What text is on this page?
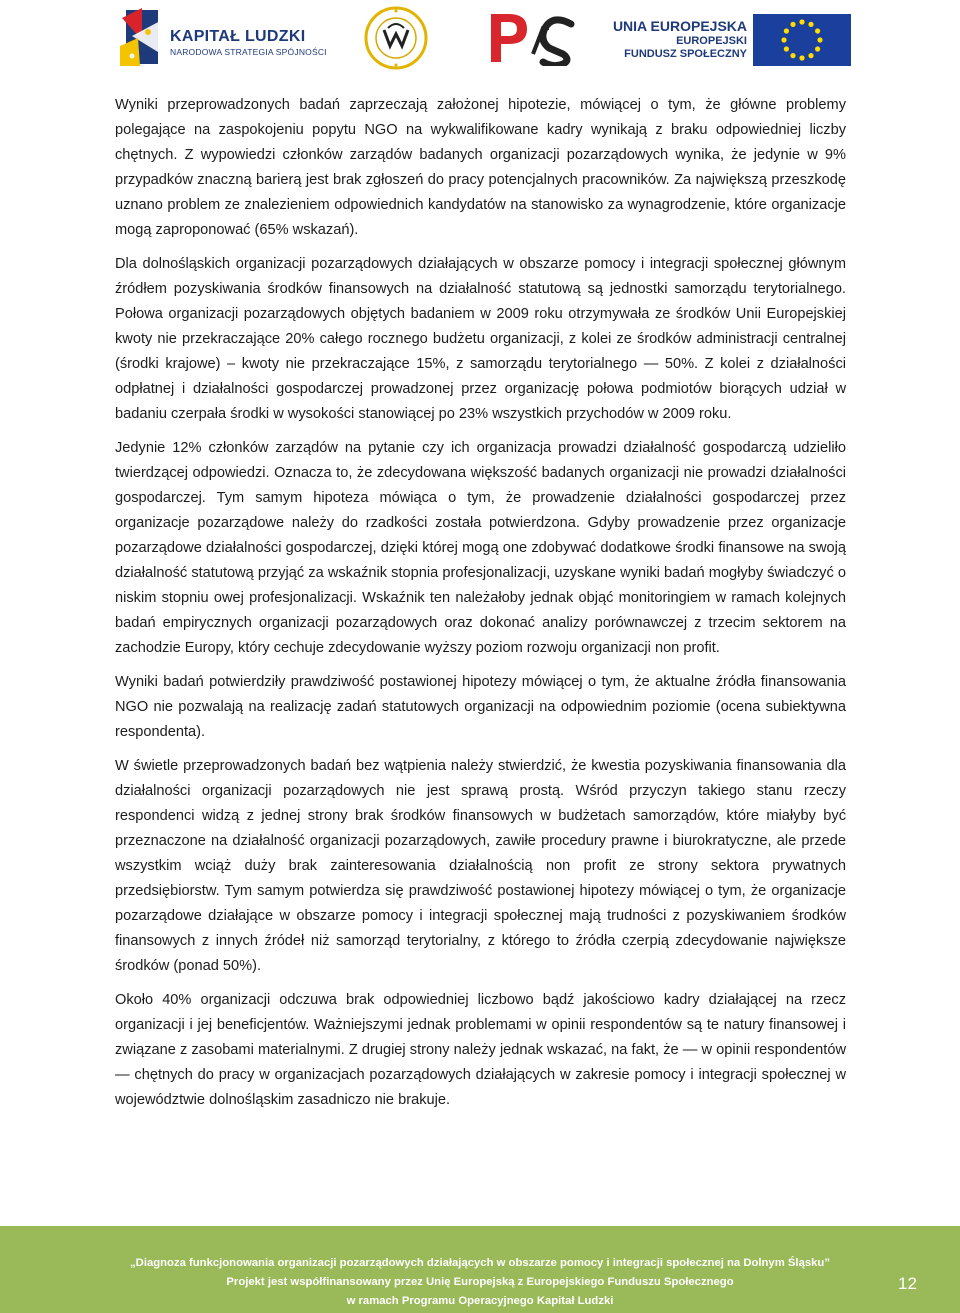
KAPITAŁ LUDZKI
NARODOWA STRATEGIA SPÓJNOŚCI
UNIA EUROPEJSKA
EUROPEJSKI
FUNDUSZ SPOŁECZNY

Wyniki przeprowadzonych badań zaprzeczają założonej hipotezie, mówiącej o tym, że główne problemy polegające na zaspokojeniu popytu NGO na wykwalifikowane kadry wynikają z braku odpowiedniej liczby chętnych. Z wypowiedzi członków zarządów badanych organizacji pozarządowych wynika, że jedynie w 9% przypadków znaczną barierą jest brak zgłoszeń do pracy potencjalnych pracowników. Za największą przeszkodę uznano problem ze znalezieniem odpowiednich kandydatów na stanowisko za wynagrodzenie, które organizacje mogą zaproponować (65% wskazań).

Dla dolnośląskich organizacji pozarządowych działających w obszarze pomocy i integracji społecznej głównym źródłem pozyskiwania środków finansowych na działalność statutową są jednostki samorządu terytorialnego. Połowa organizacji pozarządowych objętych badaniem w 2009 roku otrzymywała ze środków Unii Europejskiej kwoty nie przekraczające 20% całego rocznego budżetu organizacji, z kolei ze środków administracji centralnej (środki krajowe) – kwoty nie przekraczające 15%, z samorządu terytorialnego — 50%. Z kolei z działalności odpłatnej i działalności gospodarczej prowadzonej przez organizację połowa podmiotów biorących udział w badaniu czerpała środki w wysokości stanowiącej po 23% wszystkich przychodów w 2009 roku.

Jedynie 12% członków zarządów na pytanie czy ich organizacja prowadzi działalność gospodarczą udzieliło twierdzącej odpowiedzi. Oznacza to, że zdecydowana większość badanych organizacji nie prowadzi działalności gospodarczej. Tym samym hipoteza mówiąca o tym, że prowadzenie działalności gospodarczej przez organizacje pozarządowe należy do rzadkości została potwierdzona. Gdyby prowadzenie przez organizacje pozarządowe działalności gospodarczej, dzięki której mogą one zdobywać dodatkowe środki finansowe na swoją działalność statutową przyjąć za wskaźnik stopnia profesjonalizacji, uzyskane wyniki badań mogłyby świadczyć o niskim stopniu owej profesjonalizacji. Wskaźnik ten należałoby jednak objąć monitoringiem w ramach kolejnych badań empirycznych organizacji pozarządowych oraz dokonać analizy porównawczej z trzecim sektorem na zachodzie Europy, który cechuje zdecydowanie wyższy poziom rozwoju organizacji non profit.

Wyniki badań potwierdziły prawdziwość postawionej hipotezy mówiącej o tym, że aktualne źródła finansowania NGO nie pozwalają na realizację zadań statutowych organizacji na odpowiednim poziomie (ocena subiektywna respondenta).

W świetle przeprowadzonych badań bez wątpienia należy stwierdzić, że kwestia pozyskiwania finansowania dla działalności organizacji pozarządowych nie jest sprawą prostą. Wśród przyczyn takiego stanu rzeczy respondenci widzą z jednej strony brak środków finansowych w budżetach samorządów, które miałyby być przeznaczone na działalność organizacji pozarządowych, zawiłe procedury prawne i biurokratyczne, ale przede wszystkim wciąż duży brak zainteresowania działalnością non profit ze strony sektora prywatnych przedsiębiorstw. Tym samym potwierdza się prawdziwość postawionej hipotezy mówiącej o tym, że organizacje pozarządowe działające w obszarze pomocy i integracji społecznej mają trudności z pozyskiwaniem środków finansowych z innych źródeł niż samorząd terytorialny, z którego to źródła czerpią zdecydowanie największe środków (ponad 50%).

Około 40% organizacji odczuwa brak odpowiedniej liczbowo bądź jakościowo kadry działającej na rzecz organizacji i jej beneficjentów. Ważniejszymi jednak problemami w opinii respondentów są te natury finansowej i związane z zasobami materialnymi. Z drugiej strony należy jednak wskazać, na fakt, że — w opinii respondentów — chętnych do pracy w organizacjach pozarządowych działających w zakresie pomocy i integracji społecznej w województwie dolnośląskim zasadniczo nie brakuje.

„Diagnoza funkcjonowania organizacji pozarządowych działających w obszarze pomocy i integracji społecznej na Dolnym Śląsku”
Projekt jest współfinansowany przez Unię Europejską z Europejskiego Funduszu Społecznego
w ramach Programu Operacyjnego Kapitał Ludzki
12
